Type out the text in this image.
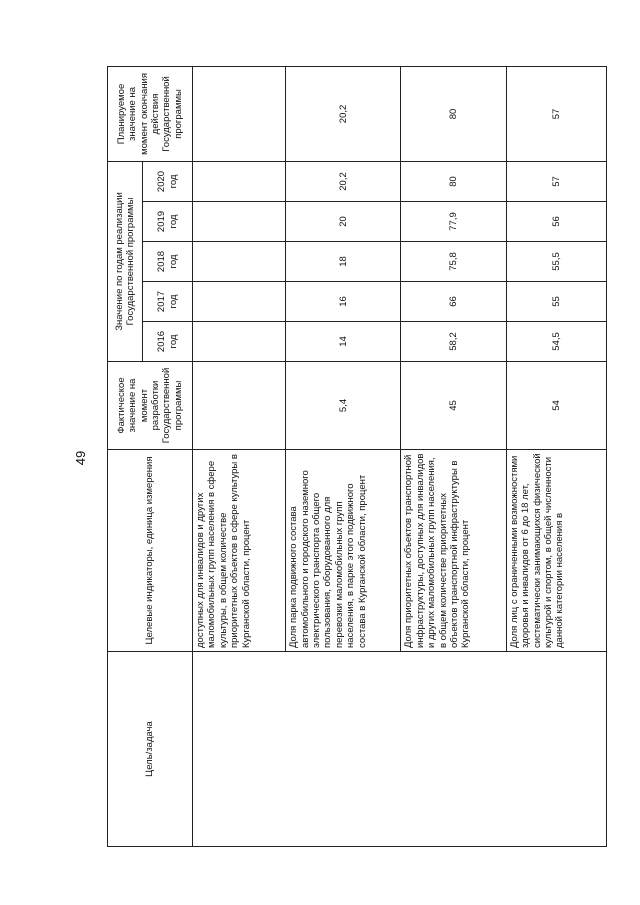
49
Цель/задача	Целевые индикаторы, единица измерения	Фактическое значение на момент разработки Государственной программы	Значение по годам реализации Государственной программы					Планируемое значение на момент окончания действия Государственной программы
			2016 год	2017 год	2018 год	2019 год	2020 год	
	доступных для инвалидов и других маломобильных групп населения в сфере культуры, в общем количестве приоритетных объектов в сфере культуры в Курганской области, процент							
	Доля парка подвижного состава автомобильного и городского наземного электрического транспорта общего пользования, оборудованного для перевозки маломобильных групп населения, в парке этого подвижного состава в Курганской области, процент	5,4	14	16	18	20	20,2	20,2
	Доля приоритетных объектов транспортной инфраструктуры, доступных для инвалидов и других маломобильных групп населения, в общем количестве приоритетных объектов транспортной инфраструктуры в Курганской области, процент	45	58,2	66	75,8	77,9	80	80
	Доля лиц с ограниченными возможностями здоровья и инвалидов от 6 до 18 лет, систематически занимающихся физической культурой и спортом, в общей численности данной категории населения в	54	54,5	55	55,5	56	57	57
